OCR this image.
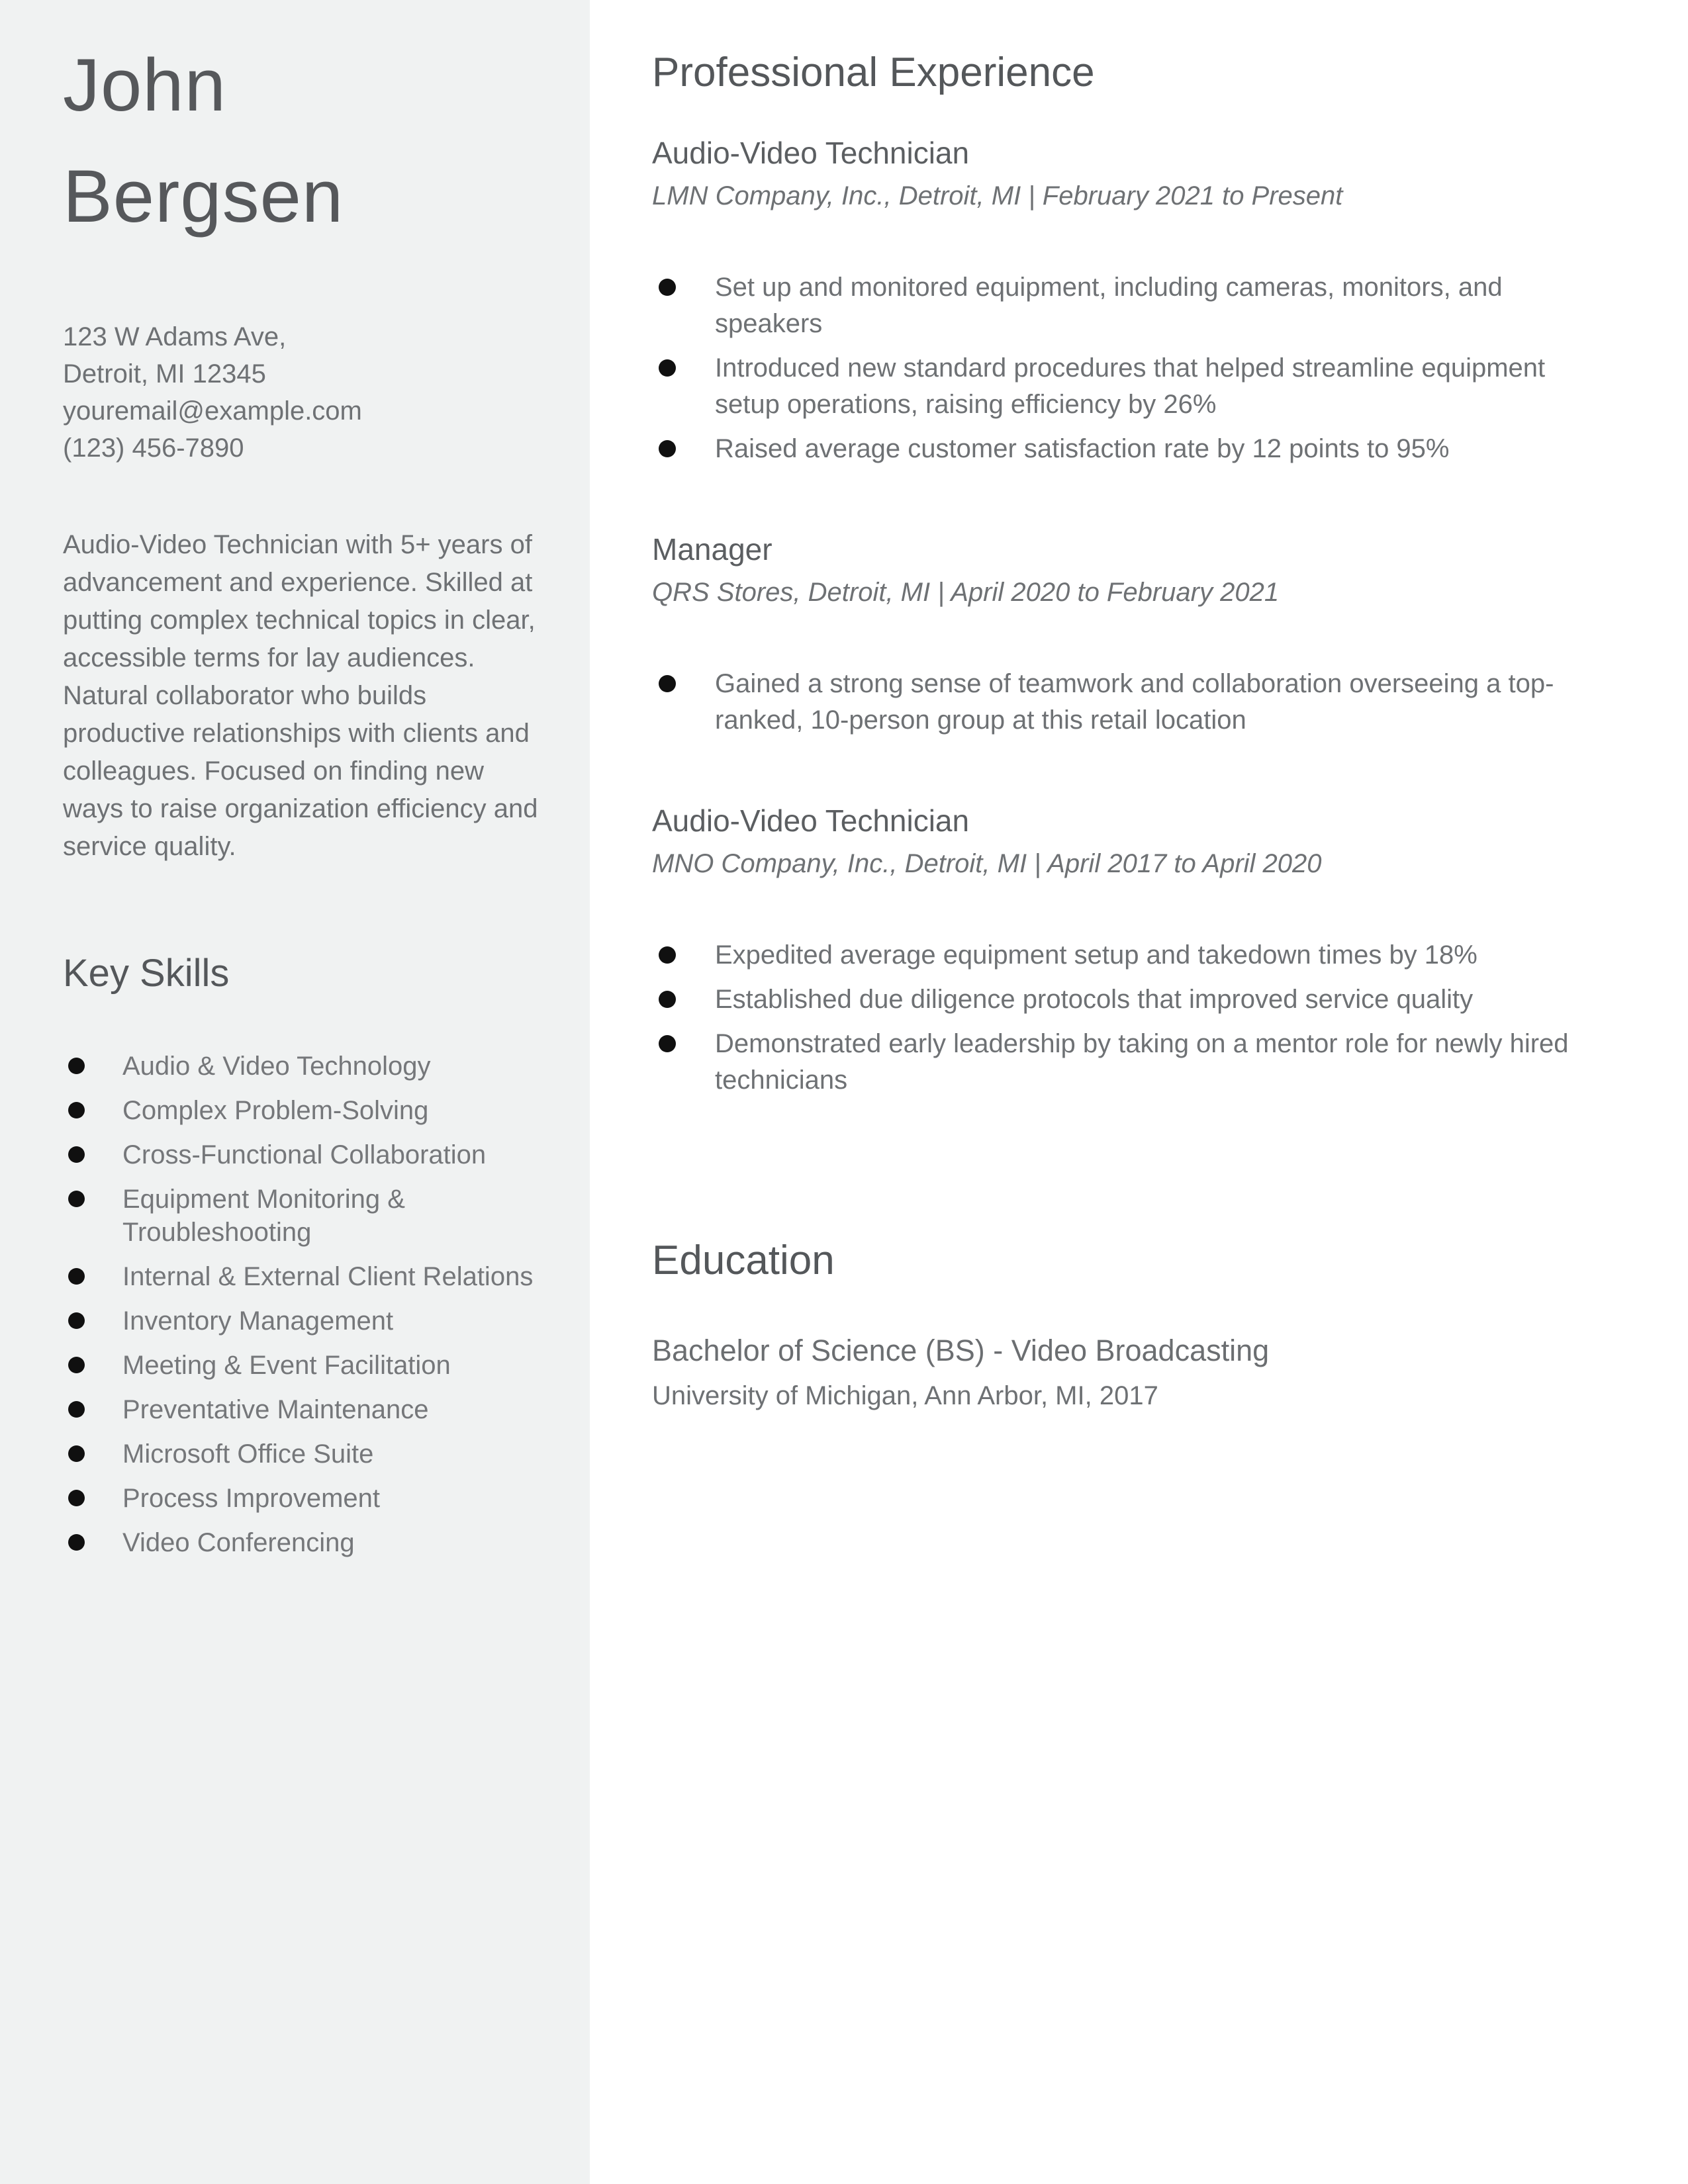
John
Bergsen
123 W Adams Ave,
Detroit, MI 12345
youremail@example.com
(123) 456-7890
Audio-Video Technician with 5+ years of advancement and experience. Skilled at putting complex technical topics in clear, accessible terms for lay audiences. Natural collaborator who builds productive relationships with clients and colleagues. Focused on finding new ways to raise organization efficiency and service quality.
Key Skills
Audio & Video Technology
Complex Problem-Solving
Cross-Functional Collaboration
Equipment Monitoring & Troubleshooting
Internal & External Client Relations
Inventory Management
Meeting & Event Facilitation
Preventative Maintenance
Microsoft Office Suite
Process Improvement
Video Conferencing
Professional Experience
Audio-Video Technician
LMN Company, Inc., Detroit, MI | February 2021 to Present
Set up and monitored equipment, including cameras, monitors, and speakers
Introduced new standard procedures that helped streamline equipment setup operations, raising efficiency by 26%
Raised average customer satisfaction rate by 12 points to 95%
Manager
QRS Stores, Detroit, MI | April 2020 to February 2021
Gained a strong sense of teamwork and collaboration overseeing a top-ranked, 10-person group at this retail location
Audio-Video Technician
MNO Company, Inc., Detroit, MI | April 2017 to April 2020
Expedited average equipment setup and takedown times by 18%
Established due diligence protocols that improved service quality
Demonstrated early leadership by taking on a mentor role for newly hired technicians
Education
Bachelor of Science (BS) - Video Broadcasting
University of Michigan, Ann Arbor, MI, 2017
